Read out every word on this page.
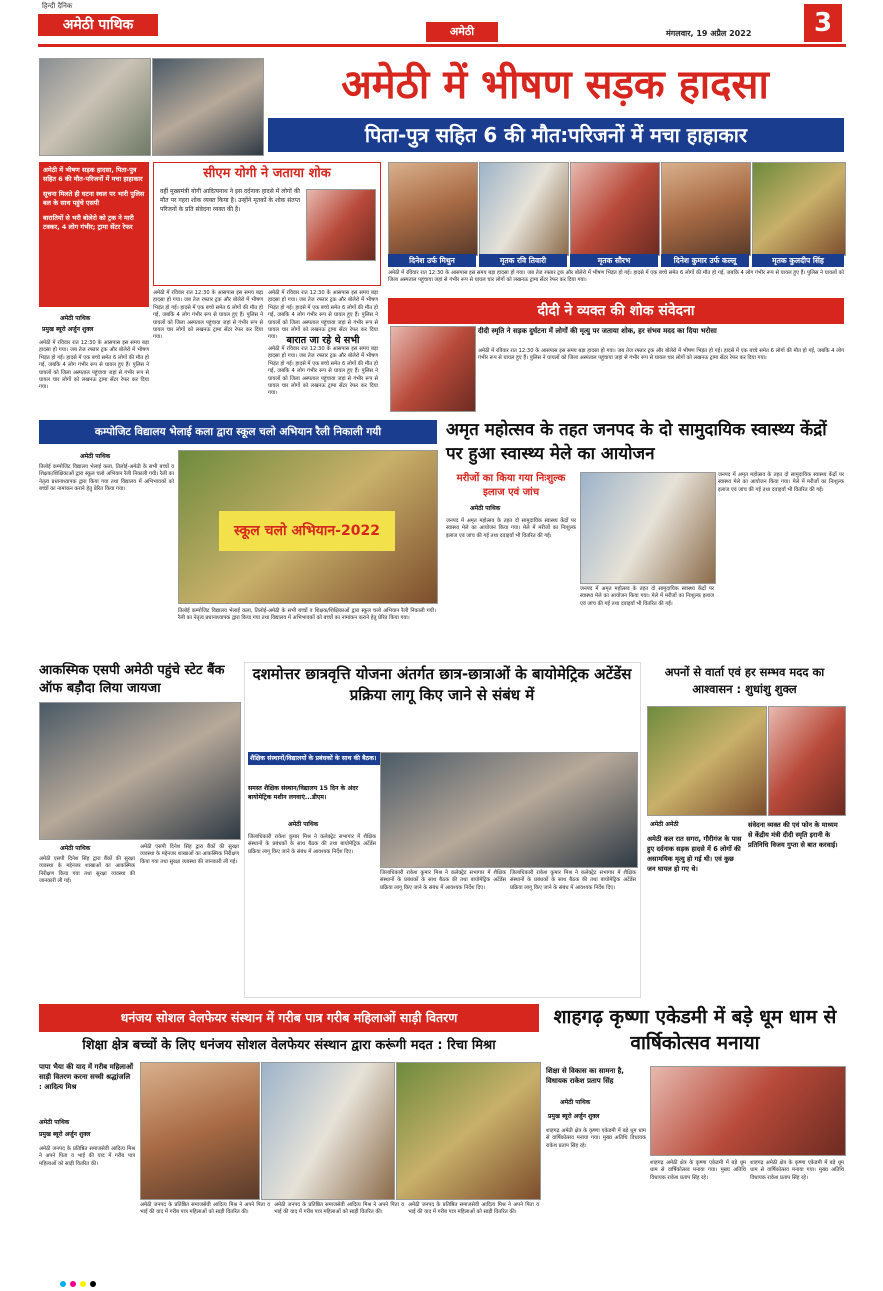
हिन्दी दैनिक
अमेठी पाथिक	अमेठी	मंगलवार, 19 अप्रैल 2022	3
अमेठी में भीषण सड़क हादसा
पिता-पुत्र सहित 6 की मौत:परिजनों में मचा हाहाकार
अमेठी में भीषण सड़क हादसा, पिता-पुत्र सहित 6 की मौत-परिजनों में मचा हाहाकार
सूचना मिलते ही घटना स्थल पर भारी पुलिस बल के साथ पहुंचे एसपी
बारातियों से भरी बोलेरो को ट्रक ने मारी टक्कर, 4 लोग गंभीर; ट्रामा सेंटर रेफर
अमेठी पाथिक
प्रमुख ब्यूरो अर्जुन शुक्ल
अमेठी में रविवार रात 12:30 के आसपास इस समय बड़ा हादसा हो गया। जब तेज रफ्तार ट्रक और बोलेरो में भीषण भिड़ंत हो गई। हादसे में एक बच्चे समेत 6 लोगों की मौत हो गई, जबकि 4 लोग गंभीर रूप से घायल हुए हैं। पुलिस ने घायलों को जिला अस्पताल पहुंचाया जहां से गंभीर रूप से घायल चार लोगों को लखनऊ ट्रामा सेंटर रेफर कर दिया गया।
सीएम योगी ने जताया शोक
वहीं मुख्यमंत्री योगी आदित्यनाथ ने इस दर्दनाक हादसे में लोगों की मौत पर गहरा शोक व्यक्त किया है। उन्होंने मृतकों के शोक संतप्त परिजनों के प्रति संवेदना व्यक्त की है।
अमेठी में रविवार रात 12:30 के आसपास इस समय बड़ा हादसा हो गया। जब तेज रफ्तार ट्रक और बोलेरो में भीषण भिड़ंत हो गई। हादसे में एक बच्चे समेत 6 लोगों की मौत हो गई, जबकि 4 लोग गंभीर रूप से घायल हुए हैं। पुलिस ने घायलों को जिला अस्पताल पहुंचाया जहां से गंभीर रूप से घायल चार लोगों को लखनऊ ट्रामा सेंटर रेफर कर दिया गया।
अमेठी में रविवार रात 12:30 के आसपास इस समय बड़ा हादसा हो गया। जब तेज रफ्तार ट्रक और बोलेरो में भीषण भिड़ंत हो गई। हादसे में एक बच्चे समेत 6 लोगों की मौत हो गई, जबकि 4 लोग गंभीर रूप से घायल हुए हैं। पुलिस ने घायलों को जिला अस्पताल पहुंचाया जहां से गंभीर रूप से घायल चार लोगों को लखनऊ ट्रामा सेंटर रेफर कर दिया गया। बारात जा रहे थे सभी
अमेठी में रविवार रात 12:30 के आसपास इस समय बड़ा हादसा हो गया। जब तेज रफ्तार ट्रक और बोलेरो में भीषण भिड़ंत हो गई। हादसे में एक बच्चे समेत 6 लोगों की मौत हो गई, जबकि 4 लोग गंभीर रूप से घायल हुए हैं। पुलिस ने घायलों को जिला अस्पताल पहुंचाया जहां से गंभीर रूप से घायल चार लोगों को लखनऊ ट्रामा सेंटर रेफर कर दिया गया।
दिनेश उर्फ मिथुन	मृतक रवि तिवारी	मृतक सौरभ	दिनेश कुमार उर्फ कल्लू	मृतक कुलदीप सिंह
अमेठी में रविवार रात 12:30 के आसपास इस समय बड़ा हादसा हो गया। जब तेज रफ्तार ट्रक और बोलेरो में भीषण भिड़ंत हो गई। हादसे में एक बच्चे समेत 6 लोगों की मौत हो गई, जबकि 4 लोग गंभीर रूप से घायल हुए हैं। पुलिस ने घायलों को जिला अस्पताल पहुंचाया जहां से गंभीर रूप से घायल चार लोगों को लखनऊ ट्रामा सेंटर रेफर कर दिया गया।
दीदी ने व्यक्त की शोक संवेदना
दीदी स्मृति ने सड़क दुर्घटना में लोगों की मृत्यु पर जताया शोक, हर संभव मदद का दिया भरोसा
अमेठी में रविवार रात 12:30 के आसपास इस समय बड़ा हादसा हो गया। जब तेज रफ्तार ट्रक और बोलेरो में भीषण भिड़ंत हो गई। हादसे में एक बच्चे समेत 6 लोगों की मौत हो गई, जबकि 4 लोग गंभीर रूप से घायल हुए हैं। पुलिस ने घायलों को जिला अस्पताल पहुंचाया जहां से गंभीर रूप से घायल चार लोगों को लखनऊ ट्रामा सेंटर रेफर कर दिया गया।
कम्पोजिट विद्यालय भेलाई कला द्वारा स्कूल चलो अभियान रैली निकाली गयी
अमेठी पाथिक
तिलोई कम्पोजिट विद्यालय भेलाई कला, तिलोई-अमेठी के सभी बच्चों व शिक्षक/शिक्षिकाओं द्वारा स्कूल चलो अभियान रैली निकाली गयी। रैली का नेतृत्व प्रधानाध्यापक द्वारा किया गया तथा विद्यालय में अभिभावकों को बच्चों का नामांकन कराने हेतु प्रेरित किया गया।
स्कूल चलो अभियान-2022
तिलोई कम्पोजिट विद्यालय भेलाई कला, तिलोई-अमेठी के सभी बच्चों व शिक्षक/शिक्षिकाओं द्वारा स्कूल चलो अभियान रैली निकाली गयी। रैली का नेतृत्व प्रधानाध्यापक द्वारा किया गया तथा विद्यालय में अभिभावकों को बच्चों का नामांकन कराने हेतु प्रेरित किया गया।
अमृत महोत्सव के तहत जनपद के दो सामुदायिक स्वास्थ्य केंद्रों पर हुआ स्वास्थ्य मेले का आयोजन
मरीजों का किया गया निःशुल्क इलाज एवं जांच
अमेठी पाथिक
जनपद में अमृत महोत्सव के तहत दो सामुदायिक स्वास्थ्य केंद्रों पर स्वास्थ्य मेले का आयोजन किया गया। मेले में मरीजों का निःशुल्क इलाज एवं जांच की गई तथा दवाइयाँ भी वितरित की गईं।
जनपद में अमृत महोत्सव के तहत दो सामुदायिक स्वास्थ्य केंद्रों पर स्वास्थ्य मेले का आयोजन किया गया। मेले में मरीजों का निःशुल्क इलाज एवं जांच की गई तथा दवाइयाँ भी वितरित की गईं।
जनपद में अमृत महोत्सव के तहत दो सामुदायिक स्वास्थ्य केंद्रों पर स्वास्थ्य मेले का आयोजन किया गया। मेले में मरीजों का निःशुल्क इलाज एवं जांच की गई तथा दवाइयाँ भी वितरित की गईं।
आकस्मिक एसपी अमेठी पहुंचे स्टेट बैंक ऑफ बड़ौदा लिया जायजा
अमेठी पाथिक
अमेठी एसपी दिनेश सिंह द्वारा बैंकों की सुरक्षा व्यवस्था के मद्देनजर शाखाओं का आकस्मिक निरीक्षण किया गया तथा सुरक्षा व्यवस्था की जानकारी ली गई।
अमेठी एसपी दिनेश सिंह द्वारा बैंकों की सुरक्षा व्यवस्था के मद्देनजर शाखाओं का आकस्मिक निरीक्षण किया गया तथा सुरक्षा व्यवस्था की जानकारी ली गई।
दशमोत्तर छात्रवृत्ति योजना अंतर्गत छात्र-छात्राओं के बायोमेट्रिक अटेंडेंस प्रक्रिया लागू किए जाने से संबंध में
शैक्षिक संस्थानों/विद्यालयों के प्रबंधकों के साथ की बैठक।
समस्त शैक्षिक संस्थान/विद्यालय 15 दिन के अंदर बायोमेट्रिक मशीन लगवाएं...डीएम।
अमेठी पाथिक
जिलाधिकारी राकेश कुमार मिश्र ने कलेक्ट्रेट सभागार में शैक्षिक संस्थानों के प्रबंधकों के साथ बैठक की तथा बायोमेट्रिक अटेंडेंस प्रक्रिया लागू किए जाने के संबंध में आवश्यक निर्देश दिए।
जिलाधिकारी राकेश कुमार मिश्र ने कलेक्ट्रेट सभागार में शैक्षिक संस्थानों के प्रबंधकों के साथ बैठक की तथा बायोमेट्रिक अटेंडेंस प्रक्रिया लागू किए जाने के संबंध में आवश्यक निर्देश दिए।
जिलाधिकारी राकेश कुमार मिश्र ने कलेक्ट्रेट सभागार में शैक्षिक संस्थानों के प्रबंधकों के साथ बैठक की तथा बायोमेट्रिक अटेंडेंस प्रक्रिया लागू किए जाने के संबंध में आवश्यक निर्देश दिए।
अपनों से वार्ता एवं हर सम्भव मदद का आश्वासन : शुधांशु शुक्ल
अमेठी अमेठी
अमेठी कल रात सगरा, गौरीगंज के पास हुए दर्दनाक सड़क हादसे में 6 लोगों की असामयिक मृत्यु हो गई थी। एवं कुछ जन घायल हो गए थे।
संवेदना व्यक्त की एवं फोन के माध्यम से केंद्रीय मंत्री दीदी स्मृति इरानी के प्रतिनिधि विजय गुप्ता से बात करवाई।
धनंजय सोशल वेलफेयर संस्थान में गरीब पात्र गरीब महिलाओं साड़ी वितरण
शिक्षा क्षेत्र बच्चों के लिए धनंजय सोशल वेलफेयर संस्थान द्वारा करूंगी मदत : रिचा मिश्रा
पापा भैया की याद में गरीब महिलाओं साड़ी वितरण करना सच्ची श्रद्धांजलि : आदित्य मिश्र
अमेठी पाथिक
प्रमुख ब्यूरो अर्जुन शुक्ल
अमेठी जनपद के प्रतिष्ठित समाजसेवी आदित्य मिश्र ने अपने पिता व भाई की याद में गरीब पात्र महिलाओं को साड़ी वितरित की।
अमेठी जनपद के प्रतिष्ठित समाजसेवी आदित्य मिश्र ने अपने पिता व भाई की याद में गरीब पात्र महिलाओं को साड़ी वितरित की।
अमेठी जनपद के प्रतिष्ठित समाजसेवी आदित्य मिश्र ने अपने पिता व भाई की याद में गरीब पात्र महिलाओं को साड़ी वितरित की।
अमेठी जनपद के प्रतिष्ठित समाजसेवी आदित्य मिश्र ने अपने पिता व भाई की याद में गरीब पात्र महिलाओं को साड़ी वितरित की।
शाहगढ़ कृष्णा एकेडमी में बड़े धूम धाम से वार्षिकोत्सव मनाया
शिक्षा से विकास का सामना है, विधायक राकेश प्रताप सिंह
अमेठी पाथिक
प्रमुख ब्यूरो अर्जुन शुक्ल
शाहगढ़ अमेठी क्षेत्र के कृष्णा एकेडमी में बड़े धूम धाम से वार्षिकोत्सव मनाया गया। मुख्य अतिथि विधायक राकेश प्रताप सिंह रहे।
शाहगढ़ अमेठी क्षेत्र के कृष्णा एकेडमी में बड़े धूम धाम से वार्षिकोत्सव मनाया गया। मुख्य अतिथि विधायक राकेश प्रताप सिंह रहे।
शाहगढ़ अमेठी क्षेत्र के कृष्णा एकेडमी में बड़े धूम धाम से वार्षिकोत्सव मनाया गया। मुख्य अतिथि विधायक राकेश प्रताप सिंह रहे।
